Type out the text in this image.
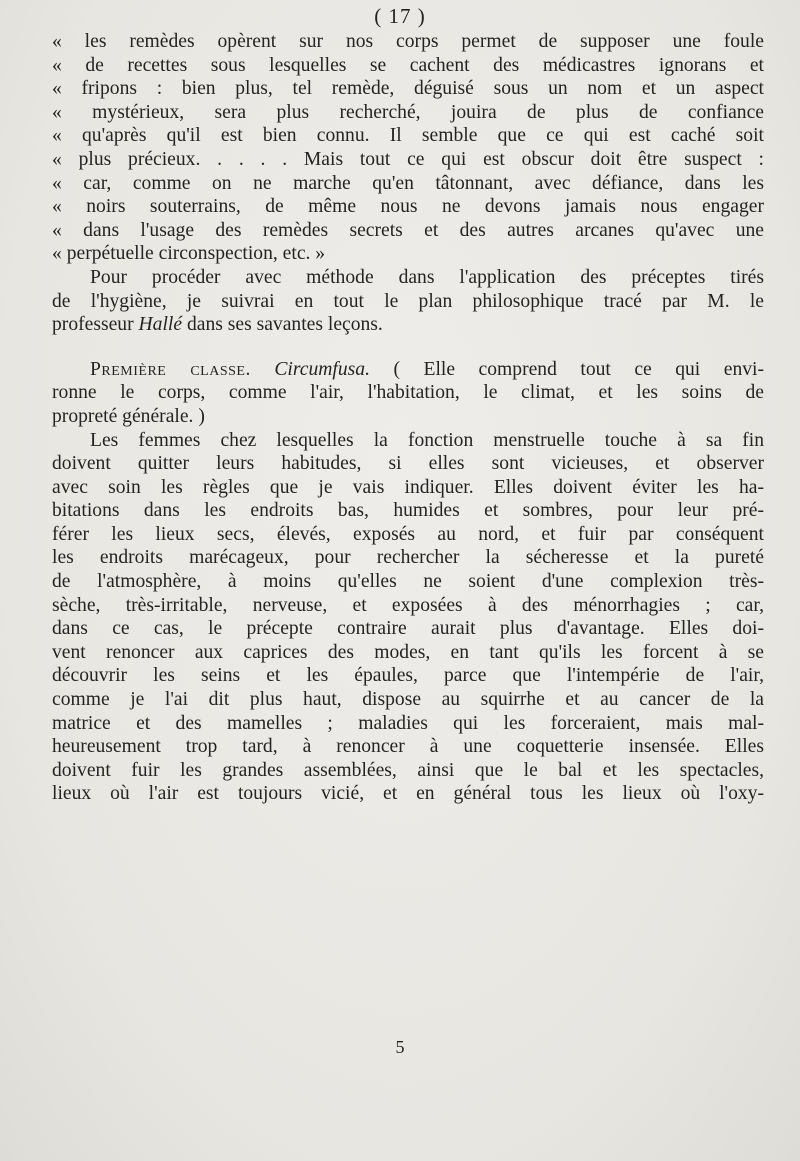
( 17 )
« les remèdes opèrent sur nos corps permet de supposer une foule
« de recettes sous lesquelles se cachent des médicastres ignorans et
« fripons : bien plus, tel remède, déguisé sous un nom et un aspect
« mystérieux, sera plus recherché, jouira de plus de confiance
« qu'après qu'il est bien connu. Il semble que ce qui est caché soit
« plus précieux. . . . . Mais tout ce qui est obscur doit être suspect :
« car, comme on ne marche qu'en tâtonnant, avec défiance, dans les
« noirs souterrains, de même nous ne devons jamais nous engager
« dans l'usage des remèdes secrets et des autres arcanes qu'avec une
« perpétuelle circonspection, etc. »
Pour procéder avec méthode dans l'application des préceptes tirés
de l'hygiène, je suivrai en tout le plan philosophique tracé par M. le
professeur Hallé dans ses savantes leçons.
Première classe. Circumfusa. ( Elle comprend tout ce qui envi-
ronne le corps, comme l'air, l'habitation, le climat, et les soins de
propreté générale. )
Les femmes chez lesquelles la fonction menstruelle touche à sa fin
doivent quitter leurs habitudes, si elles sont vicieuses, et observer
avec soin les règles que je vais indiquer. Elles doivent éviter les ha-
bitations dans les endroits bas, humides et sombres, pour leur pré-
férer les lieux secs, élevés, exposés au nord, et fuir par conséquent
les endroits marécageux, pour rechercher la sécheresse et la pureté
de l'atmosphère, à moins qu'elles ne soient d'une complexion très-
sèche, très-irritable, nerveuse, et exposées à des ménorrhagies ; car,
dans ce cas, le précepte contraire aurait plus d'avantage. Elles doi-
vent renoncer aux caprices des modes, en tant qu'ils les forcent à se
découvrir les seins et les épaules, parce que l'intempérie de l'air,
comme je l'ai dit plus haut, dispose au squirrhe et au cancer de la
matrice et des mamelles ; maladies qui les forceraient, mais mal-
heureusement trop tard, à renoncer à une coquetterie insensée. Elles
doivent fuir les grandes assemblées, ainsi que le bal et les spectacles,
lieux où l'air est toujours vicié, et en général tous les lieux où l'oxy-
5
